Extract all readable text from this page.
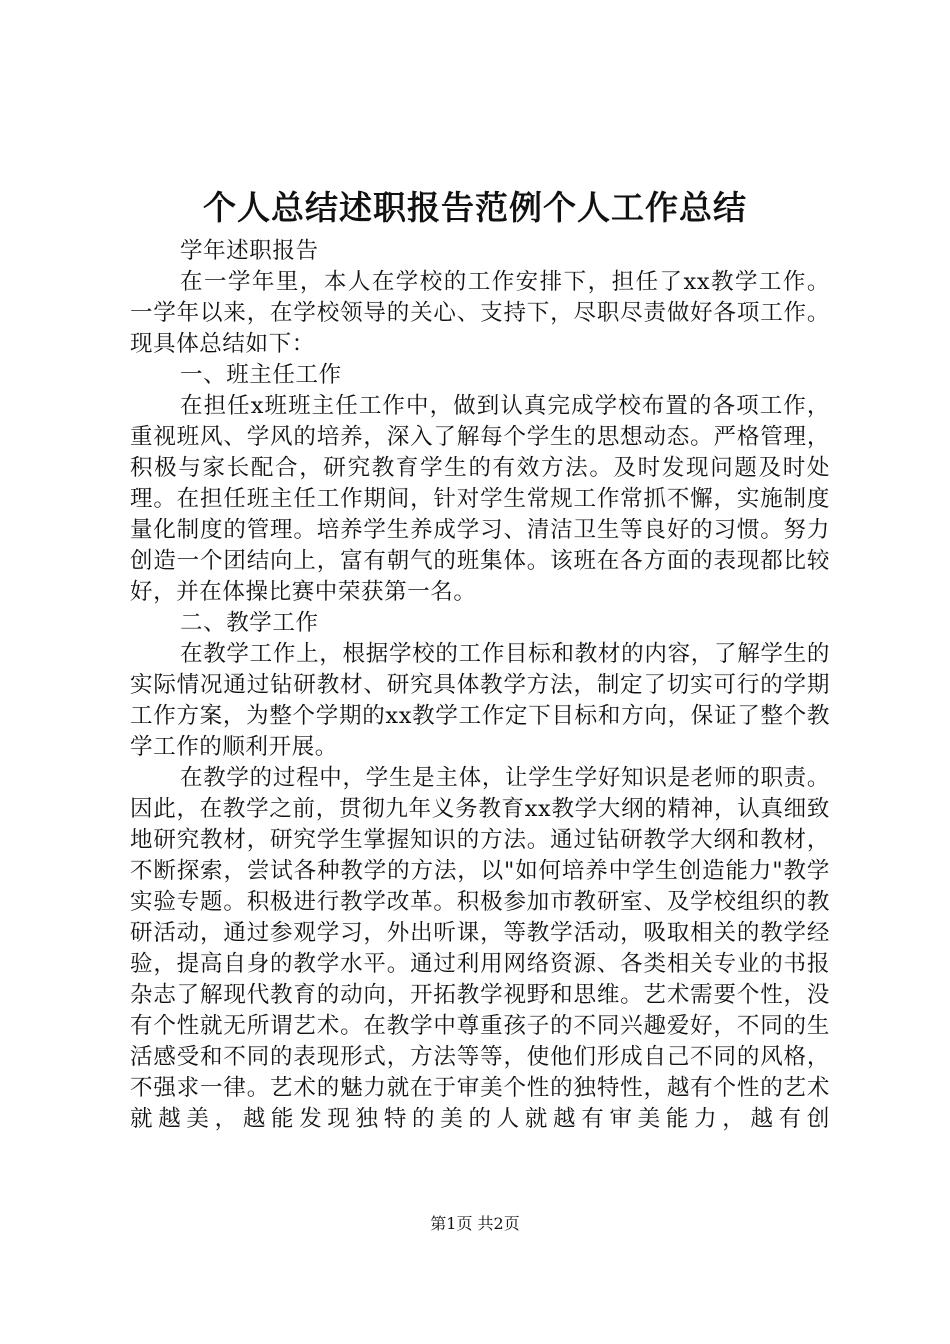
个人总结述职报告范例个人工作总结

学年述职报告

在一学年里，本人在学校的工作安排下，担任了xx教学工作。一学年以来，在学校领导的关心、支持下，尽职尽责做好各项工作。现具体总结如下：

一、班主任工作

在担任x班班主任工作中，做到认真完成学校布置的各项工作，重视班风、学风的培养，深入了解每个学生的思想动态。严格管理，积极与家长配合，研究教育学生的有效方法。及时发现问题及时处理。在担任班主任工作期间，针对学生常规工作常抓不懈，实施制度量化制度的管理。培养学生养成学习、清洁卫生等良好的习惯。努力创造一个团结向上，富有朝气的班集体。该班在各方面的表现都比较好，并在体操比赛中荣获第一名。

二、教学工作

在教学工作上，根据学校的工作目标和教材的内容，了解学生的实际情况通过钻研教材、研究具体教学方法，制定了切实可行的学期工作方案，为整个学期的xx教学工作定下目标和方向，保证了整个教学工作的顺利开展。

在教学的过程中，学生是主体，让学生学好知识是老师的职责。因此，在教学之前，贯彻九年义务教育xx教学大纲的精神，认真细致地研究教材，研究学生掌握知识的方法。通过钻研教学大纲和教材，不断探索，尝试各种教学的方法，以"如何培养中学生创造能力"教学实验专题。积极进行教学改革。积极参加市教研室、及学校组织的教研活动，通过参观学习，外出听课，等教学活动，吸取相关的教学经验，提高自身的教学水平。通过利用网络资源、各类相关专业的书报杂志了解现代教育的动向，开拓教学视野和思维。艺术需要个性，没有个性就无所谓艺术。在教学中尊重孩子的不同兴趣爱好，不同的生活感受和不同的表现形式，方法等等，使他们形成自己不同的风格，不强求一律。艺术的魅力就在于审美个性的独特性，越有个性的艺术就越美，越能发现独特的美的人就越有审美能力，越有创

第1页 共2页
